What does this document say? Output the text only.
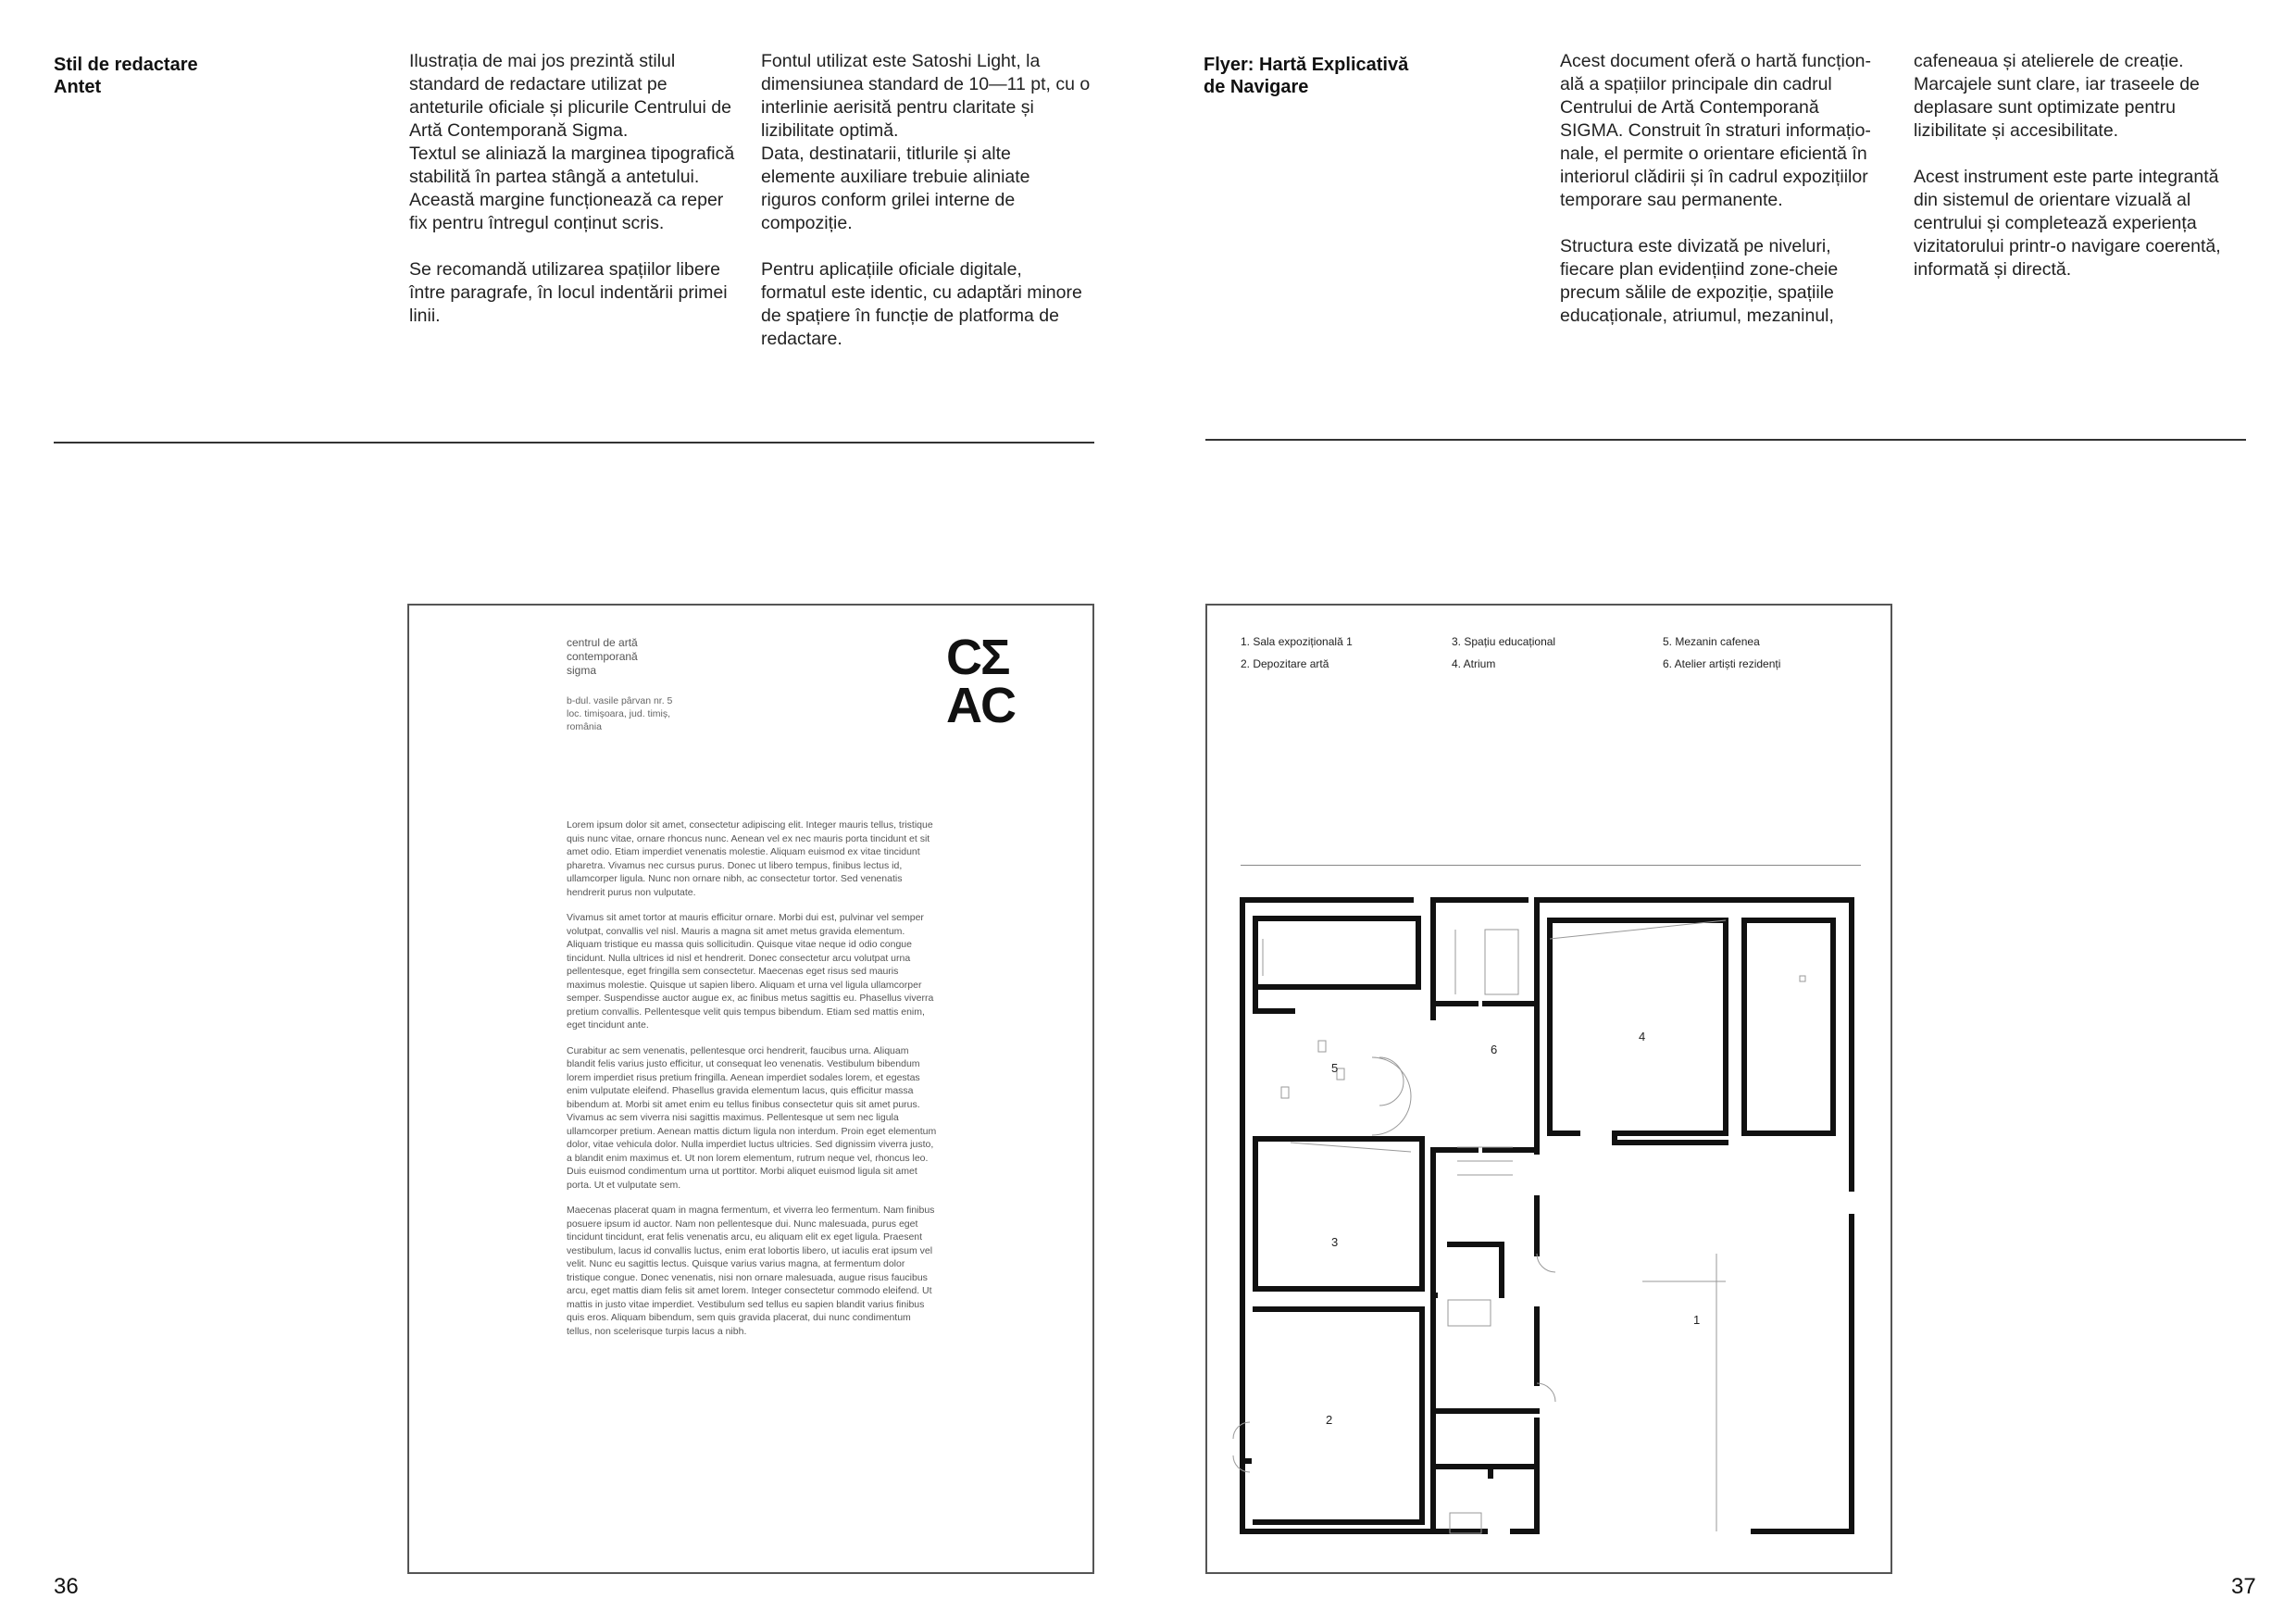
Stil de redactare
Antet
Ilustrația de mai jos prezintă stilul
standard de redactare utilizat pe
anteturile oficiale și plicurile Centrului de
Artă Contemporană Sigma.
Textul se aliniază la marginea tipografică
stabilită în partea stângă a antetului.
Această margine funcționează ca reper
fix pentru întregul conținut scris.

Se recomandă utilizarea spațiilor libere
între paragrafe, în locul indentării primei
linii.
Fontul utilizat este Satoshi Light, la
dimensiunea standard de 10—11 pt, cu o
interlinie aerisită pentru claritate și
lizibilitate optimă.
Data, destinatarii, titlurile și alte
elemente auxiliare trebuie aliniate
riguros conform grilei interne de
compoziție.

Pentru aplicațiile oficiale digitale,
formatul este identic, cu adaptări minore
de spațiere în funcție de platforma de
redactare.
centrul de artă
contemporană
sigma
b-dul. vasile pârvan nr. 5
loc. timișoara, jud. timiș,
românia
CΣ
AC

Lorem ipsum dolor sit amet, consectetur adipiscing elit. Integer mauris tellus, tristique quis nunc vitae, ornare rhoncus nunc. Aenean vel ex nec mauris porta tincidunt et sit amet odio. Etiam imperdiet venenatis molestie. Aliquam euismod ex vitae tincidunt pharetra. Vivamus nec cursus purus. Donec ut libero tempus, finibus lectus id, ullamcorper ligula. Nunc non ornare nibh, ac consectetur tortor. Sed venenatis hendrerit purus non vulputate.

Vivamus sit amet tortor at mauris efficitur ornare. Morbi dui est, pulvinar vel semper volutpat, convallis vel nisl. Mauris a magna sit amet metus gravida elementum. Aliquam tristique eu massa quis sollicitudin. Quisque vitae neque id odio congue tincidunt. Nulla ultrices id nisl et hendrerit. Donec consectetur arcu volutpat urna pellentesque, eget fringilla sem consectetur. Maecenas eget risus sed mauris maximus molestie. Quisque ut sapien libero. Aliquam et urna vel ligula ullamcorper semper. Suspendisse auctor augue ex, ac finibus metus sagittis eu. Phasellus viverra pretium convallis. Pellentesque velit quis tempus bibendum. Etiam sed mattis enim, eget tincidunt ante.

Curabitur ac sem venenatis, pellentesque orci hendrerit, faucibus urna. Aliquam blandit felis varius justo efficitur, ut consequat leo venenatis. Vestibulum bibendum lorem imperdiet risus pretium fringilla. Aenean imperdiet sodales lorem, et egestas enim vulputate eleifend. Phasellus gravida elementum lacus, quis efficitur massa bibendum at. Morbi sit amet enim eu tellus finibus consectetur quis sit amet purus. Vivamus ac sem viverra nisi sagittis maximus. Pellentesque ut sem nec ligula ullamcorper pretium. Aenean mattis dictum ligula non interdum. Proin eget elementum dolor, vitae vehicula dolor. Nulla imperdiet luctus ultricies. Sed dignissim viverra justo, a blandit enim maximus et. Ut non lorem elementum, rutrum neque vel, rhoncus leo. Duis euismod condimentum urna ut porttitor. Morbi aliquet euismod ligula sit amet porta. Ut et vulputate sem.

Maecenas placerat quam in magna fermentum, et viverra leo fermentum. Nam finibus posuere ipsum id auctor. Nam non pellentesque dui. Nunc malesuada, purus eget tincidunt tincidunt, erat felis venenatis arcu, eu aliquam elit ex eget ligula. Praesent vestibulum, lacus id convallis luctus, enim erat lobortis libero, ut iaculis erat ipsum vel velit. Nunc eu sagittis lectus. Quisque varius varius magna, at fermentum dolor tristique congue. Donec venenatis, nisi non ornare malesuada, augue risus faucibus arcu, eget mattis diam felis sit amet lorem. Integer consectetur commodo eleifend. Ut mattis in justo vitae imperdiet. Vestibulum sed tellus eu sapien blandit varius finibus quis eros. Aliquam bibendum, sem quis gravida placerat, dui nunc condimentum tellus, non scelerisque turpis lacus a nibh.

36
Flyer: Hartă Explicativă
de Navigare
Acest document oferă o hartă funcțion-
ală a spațiilor principale din cadrul
Centrului de Artă Contemporană
SIGMA. Construit în straturi informațio-
nale, el permite o orientare eficientă în
interiorul clădirii și în cadrul expozițiilor
temporare sau permanente.

Structura este divizată pe niveluri,
fiecare plan evidențiind zone-cheie
precum sălile de expoziție, spațiile
educaționale, atriumul, mezaninul,
cafeneaua și atelierele de creație.
Marcajele sunt clare, iar traseele de
deplasare sunt optimizate pentru
lizibilitate și accesibilitate.

Acest instrument este parte integrantă
din sistemul de orientare vizuală al
centrului și completează experiența
vizitatorului printr-o navigare coerentă,
informată și directă.
1. Sala expozițională 1	3. Spațiu educațional	5. Mezanin cafenea
2. Depozitare artă	4. Atrium	6. Atelier artiști rezidenți
1
2
3
4
5
6
37
